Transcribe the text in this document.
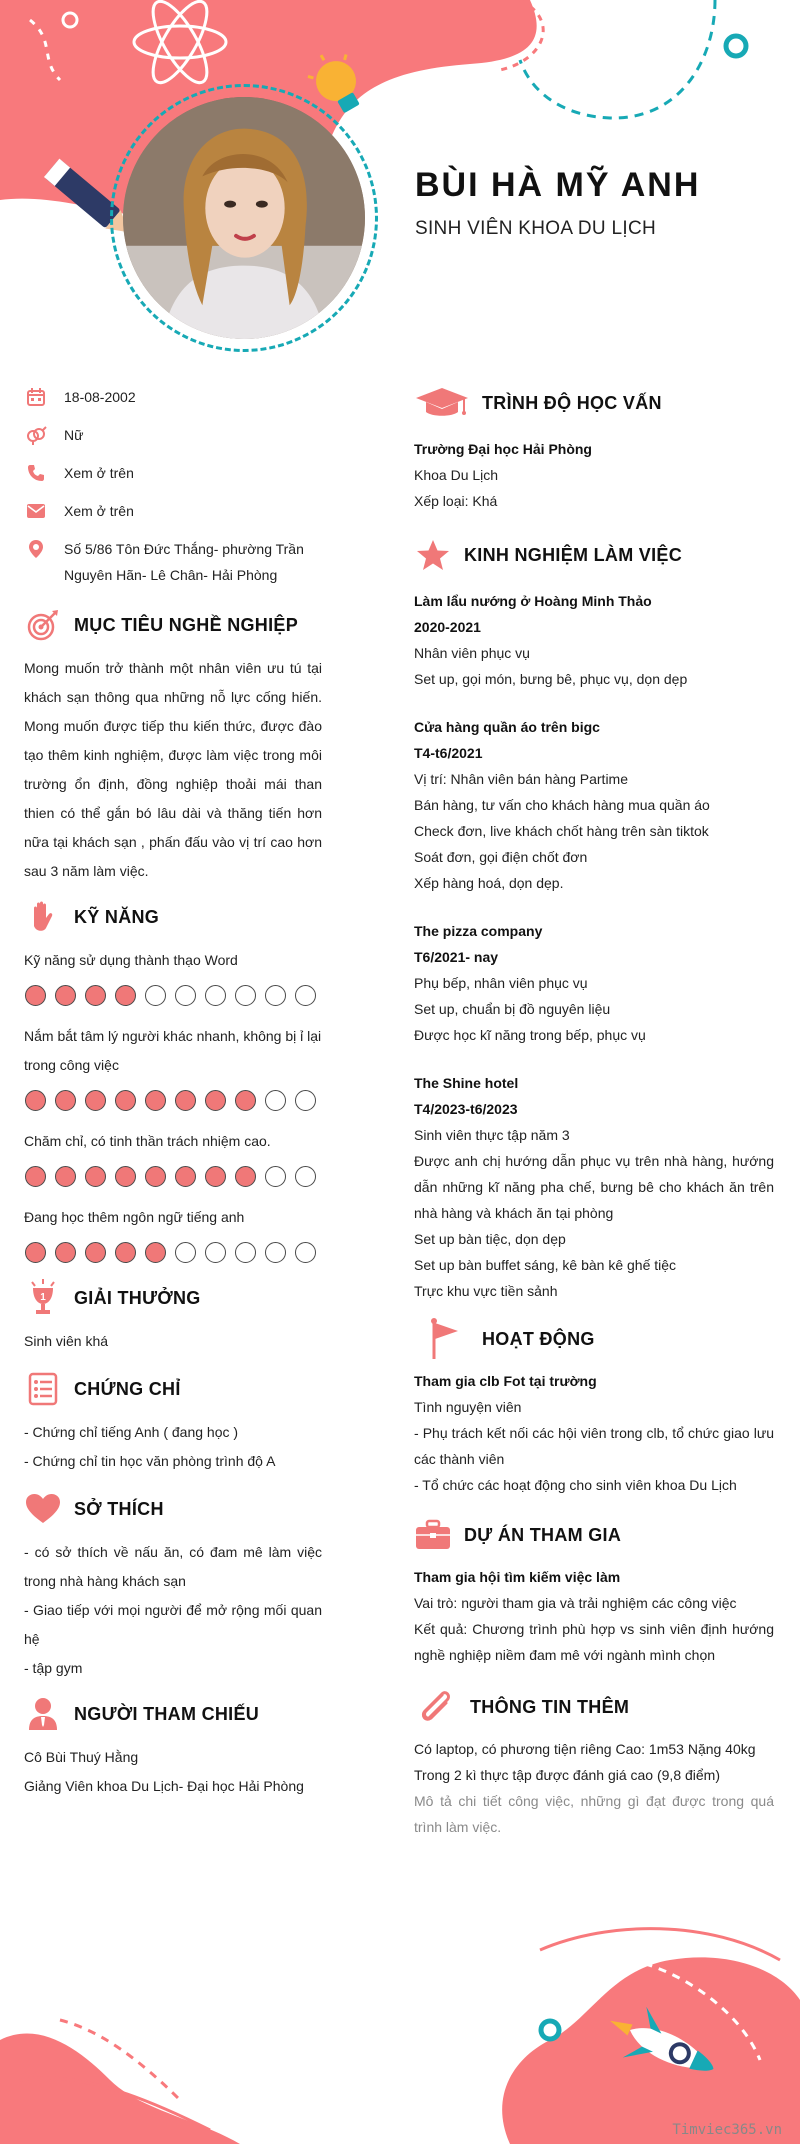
BÙI HÀ MỸ ANH
SINH VIÊN KHOA DU LỊCH
18-08-2002
Nữ
Xem ở trên
Xem ở trên
Số 5/86 Tôn Đức Thắng- phường Trần Nguyên Hãn- Lê Chân- Hải Phòng
MỤC TIÊU NGHỀ NGHIỆP
Mong muốn trở thành một nhân viên ưu tú tại khách sạn thông qua những nỗ lực cống hiến. Mong muốn được tiếp thu kiến thức, được đào tạo thêm kinh nghiệm, được làm việc trong môi trường ổn định, đồng nghiệp thoải mái than thien có thể gắn bó lâu dài và thăng tiến hơn nữa tại khách sạn , phấn đấu vào vị trí cao hơn sau 3 năm làm việc.
KỸ NĂNG
Kỹ năng sử dụng thành thạo Word
Nắm bắt tâm lý người khác nhanh, không bị ỉ lại trong công việc
Chăm chỉ, có tinh thần trách nhiệm cao.
Đang học thêm ngôn ngữ tiếng anh
1 GIẢI THƯỞNG
Sinh viên khá
CHỨNG CHỈ

- Chứng chỉ tiếng Anh ( đang học )

- Chứng chỉ tin học văn phòng trình độ A

SỞ THÍCH

- có sở thích về nấu ăn, có đam mê làm việc trong nhà hàng khách sạn

- Giao tiếp với mọi người để mở rộng mối quan hệ

- tập gym

NGƯỜI THAM CHIẾU

Cô Bùi Thuý Hằng

Giảng Viên khoa Du Lịch- Đại học Hải Phòng

TRÌNH ĐỘ HỌC VẤN
Trường Đại học Hải Phòng
Khoa Du Lịch
Xếp loại: Khá
KINH NGHIỆM LÀM VIỆC
Làm lẩu nướng ở Hoàng Minh Thảo
2020-2021
Nhân viên phục vụ
Set up, gọi món, bưng bê, phục vụ, dọn dẹp
Cửa hàng quần áo trên bigc
T4-t6/2021
Vị trí: Nhân viên bán hàng Partime
Bán hàng, tư vấn cho khách hàng mua quần áo
Check đơn, live khách chốt hàng trên sàn tiktok
Soát đơn, gọi điện chốt đơn
Xếp hàng hoá, dọn dẹp.
The pizza company
T6/2021- nay
Phụ bếp, nhân viên phục vụ
Set up, chuẩn bị đồ nguyên liệu
Được học kĩ năng trong bếp, phục vụ
The Shine hotel
T4/2023-t6/2023
Sinh viên thực tập năm 3
Được anh chị hướng dẫn phục vụ trên nhà hàng, hướng dẫn những kĩ năng pha chế, bưng bê cho khách ăn trên nhà hàng và khách ăn tại phòng
Set up bàn tiệc, dọn dẹp
Set up bàn buffet sáng, kê bàn kê ghế tiệc
Trực khu vực tiền sảnh
HOẠT ĐỘNG
Tham gia clb Fot tại trường
Tình nguyện viên
- Phụ trách kết nối các hội viên trong clb, tổ chức giao lưu các thành viên
- Tổ chức các hoạt động cho sinh viên khoa Du Lịch
DỰ ÁN THAM GIA
Tham gia hội tìm kiếm việc làm
Vai trò: người tham gia và trải nghiệm các công việc
Kết quả: Chương trình phù hợp vs sinh viên định hướng nghề nghiệp niềm đam mê với ngành mình chọn
THÔNG TIN THÊM
Có laptop, có phương tiện riêng Cao: 1m53 Nặng 40kg
Trong 2 kì thực tập được đánh giá cao (9,8 điểm)
Mô tả chi tiết công việc, những gì đạt được trong quá trình làm việc.
Timviec365.vn
